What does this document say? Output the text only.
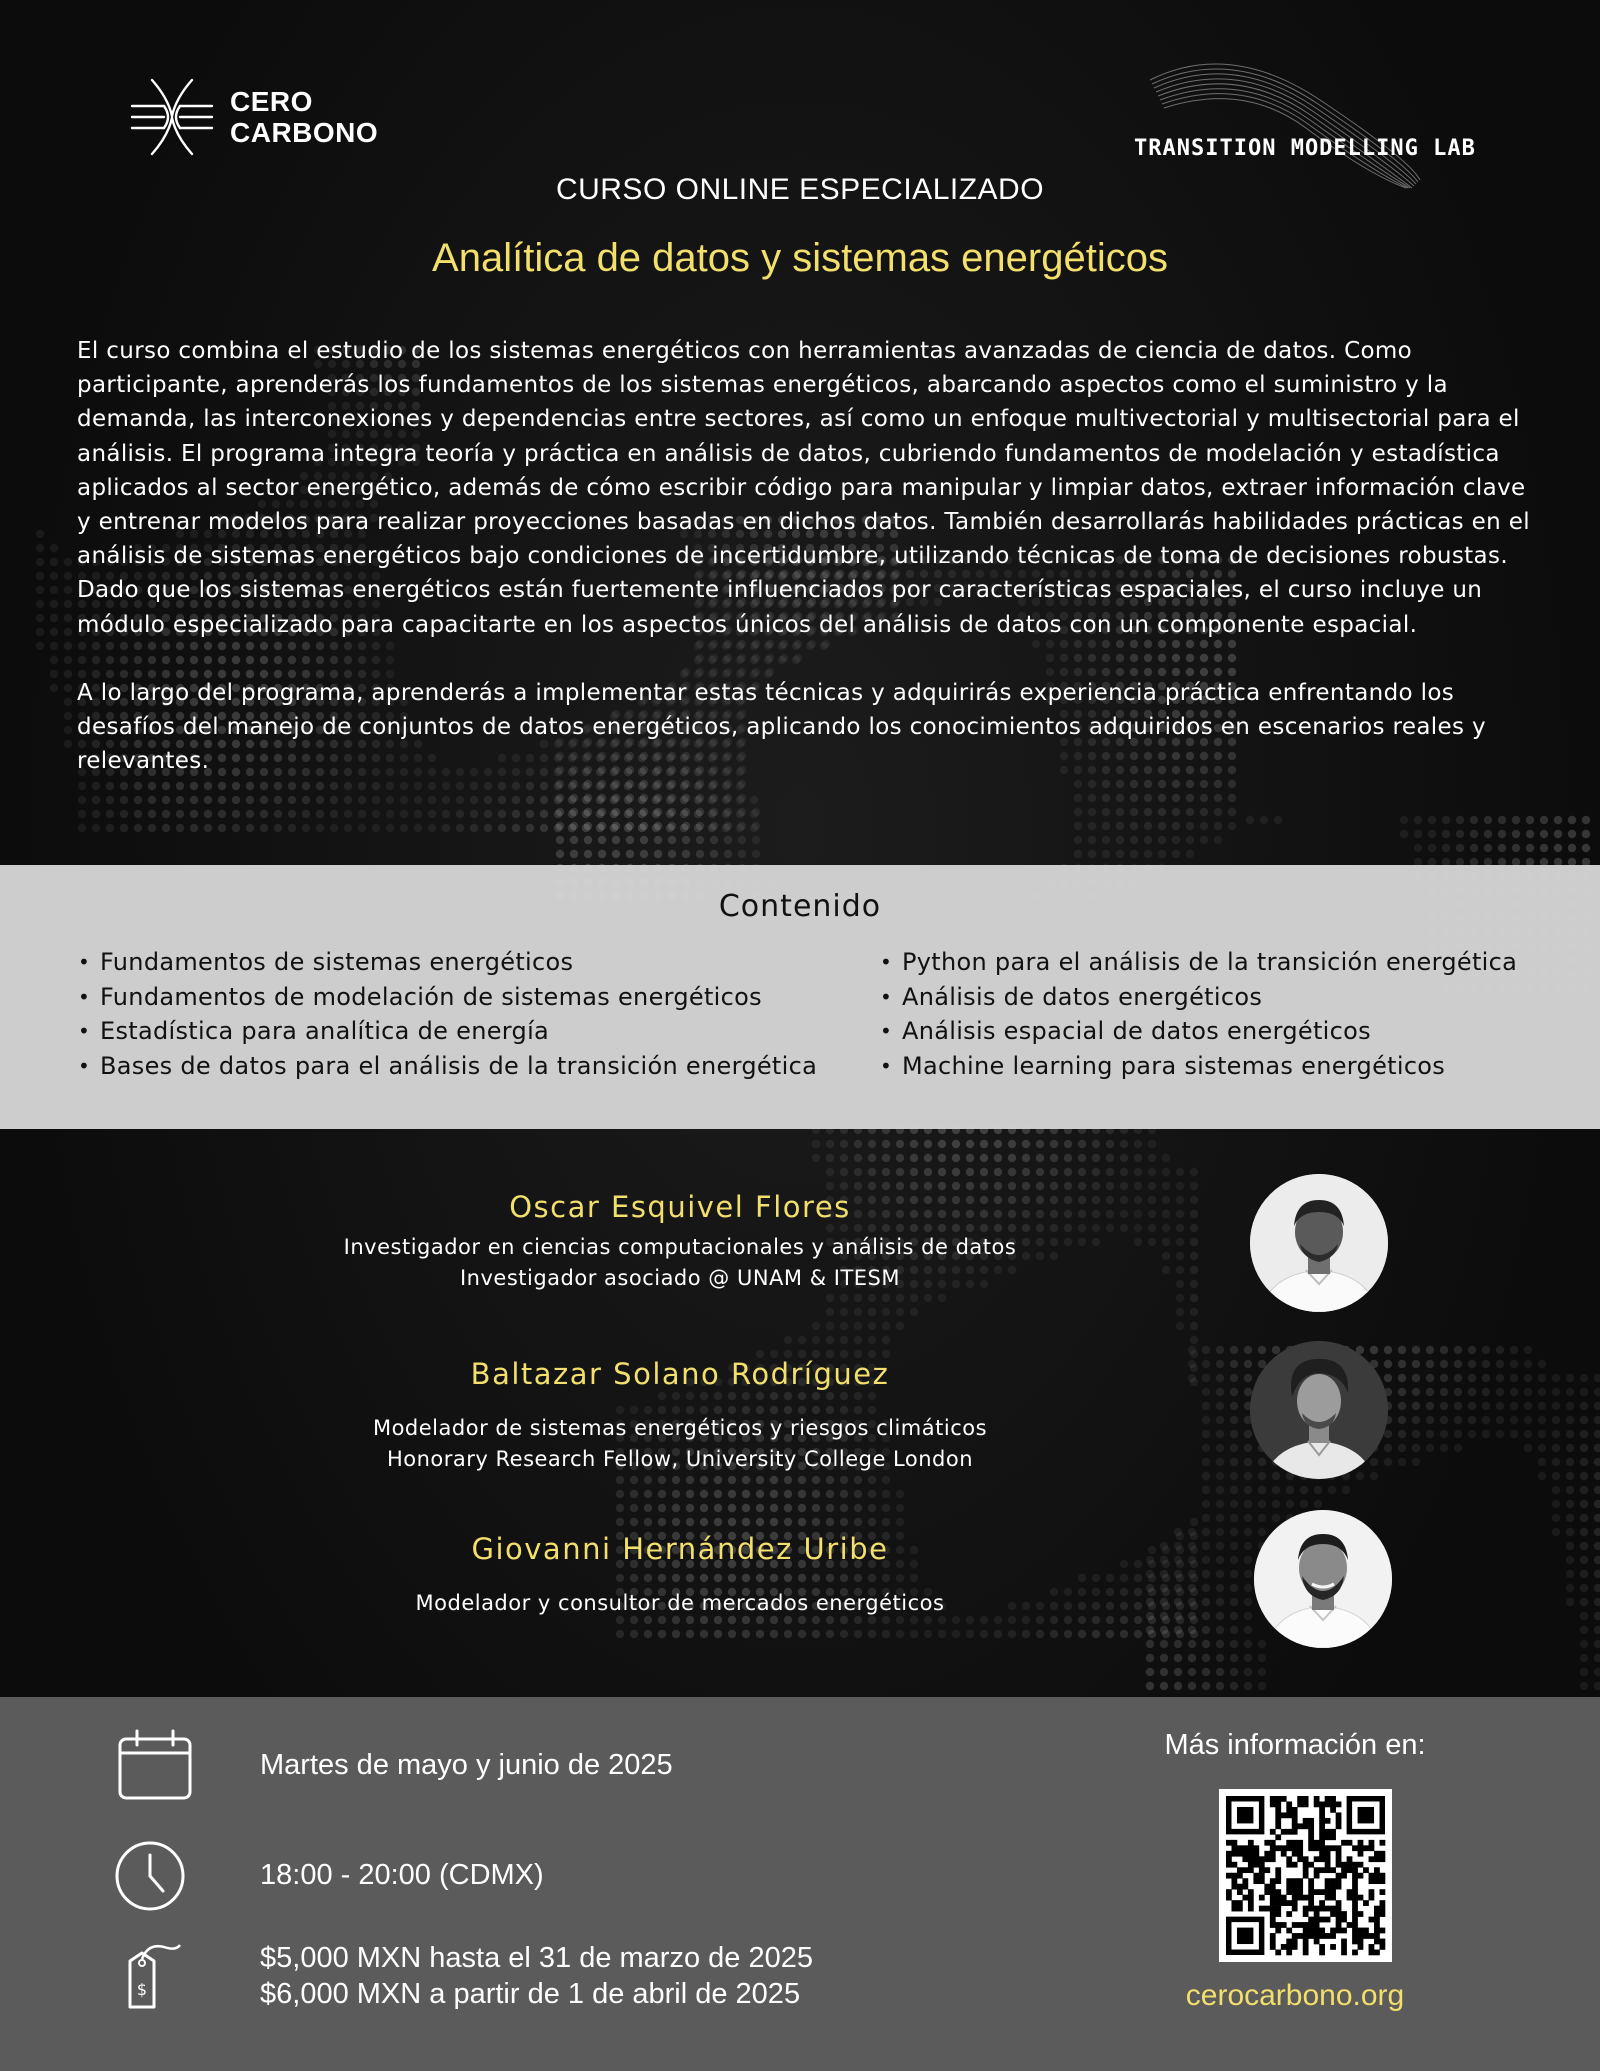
CERO
CARBONO
TRANSITION MODELLING LAB
CURSO ONLINE ESPECIALIZADO
Analítica de datos y sistemas energéticos

El curso combina el estudio de los sistemas energéticos con herramientas avanzadas de ciencia de datos. Como participante, aprenderás los fundamentos de los sistemas energéticos, abarcando aspectos como el suministro y la demanda, las interconexiones y dependencias entre sectores, así como un enfoque multivectorial y multisectorial para el análisis. El programa integra teoría y práctica en análisis de datos, cubriendo fundamentos de modelación y estadística aplicados al sector energético, además de cómo escribir código para manipular y limpiar datos, extraer información clave y entrenar modelos para realizar proyecciones basadas en dichos datos. También desarrollarás habilidades prácticas en el análisis de sistemas energéticos bajo condiciones de incertidumbre, utilizando técnicas de toma de decisiones robustas. Dado que los sistemas energéticos están fuertemente influenciados por características espaciales, el curso incluye un módulo especializado para capacitarte en los aspectos únicos del análisis de datos con un componente espacial.

A lo largo del programa, aprenderás a implementar estas técnicas y adquirirás experiencia práctica enfrentando los desafíos del manejo de conjuntos de datos energéticos, aplicando los conocimientos adquiridos en escenarios reales y relevantes.

Contenido
• Fundamentos de sistemas energéticos
• Fundamentos de modelación de sistemas energéticos
• Estadística para analítica de energía
• Bases de datos para el análisis de la transición energética
• Python para el análisis de la transición energética
• Análisis de datos energéticos
• Análisis espacial de datos energéticos
• Machine learning para sistemas energéticos
Oscar Esquivel Flores
Investigador en ciencias computacionales y análisis de datos
Investigador asociado @ UNAM & ITESM
Baltazar Solano Rodríguez
Modelador de sistemas energéticos y riesgos climáticos
Honorary Research Fellow, University College London
Giovanni Hernández Uribe
Modelador y consultor de mercados energéticos
Martes de mayo y junio de 2025
18:00 - 20:00 (CDMX)
$
$5,000 MXN hasta el 31 de marzo de 2025
$6,000 MXN a partir de 1 de abril de 2025
Más información en:
cerocarbono.org
